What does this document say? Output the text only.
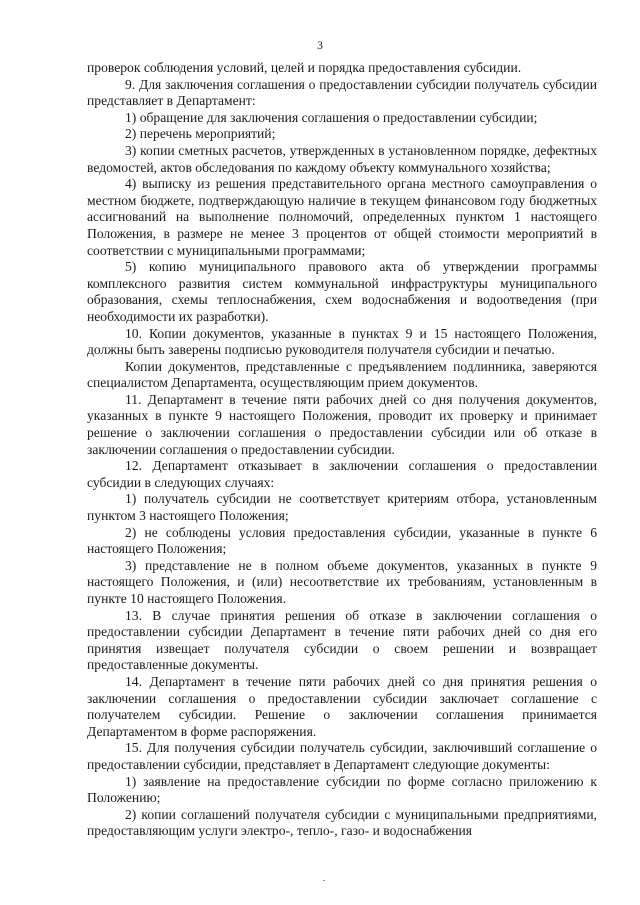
3

проверок соблюдения условий, целей и порядка предоставления субсидии.

9. Для заключения соглашения о предоставлении субсидии получатель субсидии представляет в Департамент:

1) обращение для заключения соглашения о предоставлении субсидии;

2) перечень мероприятий;

3) копии сметных расчетов, утвержденных в установленном порядке, дефектных ведомостей, актов обследования по каждому объекту коммунального хозяйства;

4) выписку из решения представительного органа местного самоуправления о местном бюджете, подтверждающую наличие в текущем финансовом году бюджетных ассигнований на выполнение полномочий, определенных пунктом 1 настоящего Положения, в размере не менее 3 процентов от общей стоимости мероприятий в соответствии с муниципальными программами;

5) копию муниципального правового акта об утверждении программы комплексного развития систем коммунальной инфраструктуры муниципального образования, схемы теплоснабжения, схем водоснабжения и водоотведения (при необходимости их разработки).

10. Копии документов, указанные в пунктах 9 и 15 настоящего Положения, должны быть заверены подписью руководителя получателя субсидии и печатью.

Копии документов, представленные с предъявлением подлинника, заверяются специалистом Департамента, осуществляющим прием документов.

11. Департамент в течение пяти рабочих дней со дня получения документов, указанных в пункте 9 настоящего Положения, проводит их проверку и принимает решение о заключении соглашения о предоставлении субсидии или об отказе в заключении соглашения о предоставлении субсидии.

12. Департамент отказывает в заключении соглашения о предоставлении субсидии в следующих случаях:

1) получатель субсидии не соответствует критериям отбора, установленным пунктом 3 настоящего Положения;

2) не соблюдены условия предоставления субсидии, указанные в пункте 6 настоящего Положения;

3) представление не в полном объеме документов, указанных в пункте 9 настоящего Положения, и (или) несоответствие их требованиям, установленным в пункте 10 настоящего Положения.

13. В случае принятия решения об отказе в заключении соглашения о предоставлении субсидии Департамент в течение пяти рабочих дней со дня его принятия извещает получателя субсидии о своем решении и возвращает предоставленные документы.

14. Департамент в течение пяти рабочих дней со дня принятия решения о заключении соглашения о предоставлении субсидии заключает соглашение с получателем субсидии. Решение о заключении соглашения принимается Департаментом в форме распоряжения.

15. Для получения субсидии получатель субсидии, заключивший соглашение о предоставлении субсидии, представляет в Департамент следующие документы:

1) заявление на предоставление субсидии по форме согласно приложению к Положению;

2) копии соглашений получателя субсидии с муниципальными предприятиями, предоставляющим услуги электро-, тепло-, газо- и водоснабжения
